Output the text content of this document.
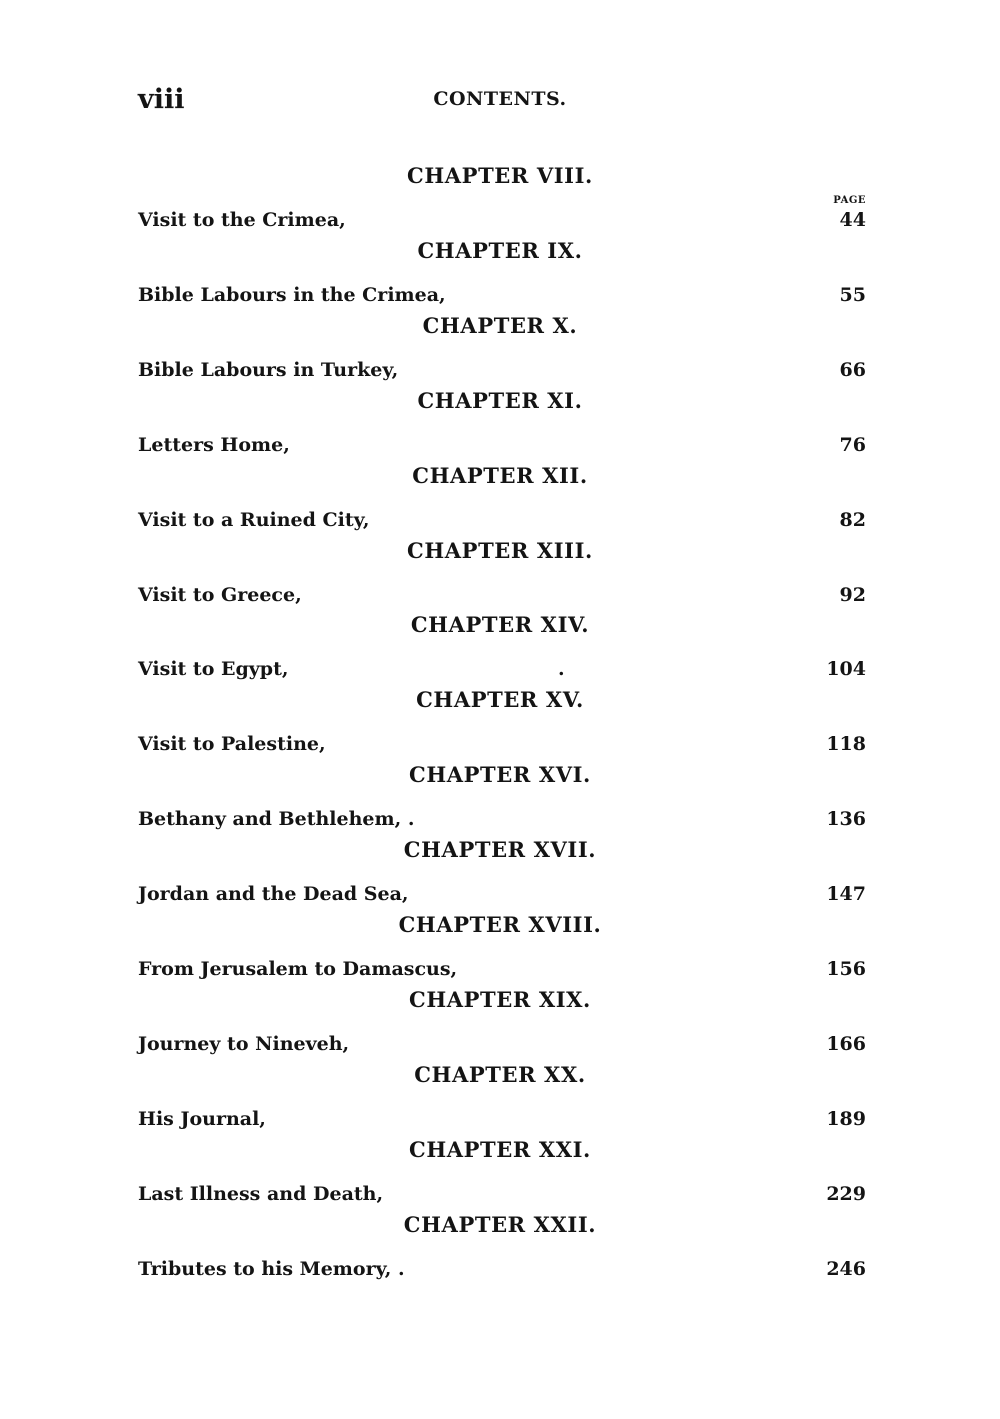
viii	CONTENTS.
PAGE
CHAPTER VIII.
Visit to the Crimea,	44
CHAPTER IX.
Bible Labours in the Crimea,	55
CHAPTER X.
Bible Labours in Turkey,	66
CHAPTER XI.
Letters Home,	76
CHAPTER XII.
Visit to a Ruined City,	82
CHAPTER XIII.
Visit to Greece,	92
CHAPTER XIV.
Visit to Egypt,	.	104
CHAPTER XV.
Visit to Palestine,	118
CHAPTER XVI.
Bethany and Bethlehem, .	136
CHAPTER XVII.
Jordan and the Dead Sea,	147
CHAPTER XVIII.
From Jerusalem to Damascus,	156
CHAPTER XIX.
Journey to Nineveh,	166
CHAPTER XX.
His Journal,	189
CHAPTER XXI.
Last Illness and Death,	229
CHAPTER XXII.
Tributes to his Memory, .	246
